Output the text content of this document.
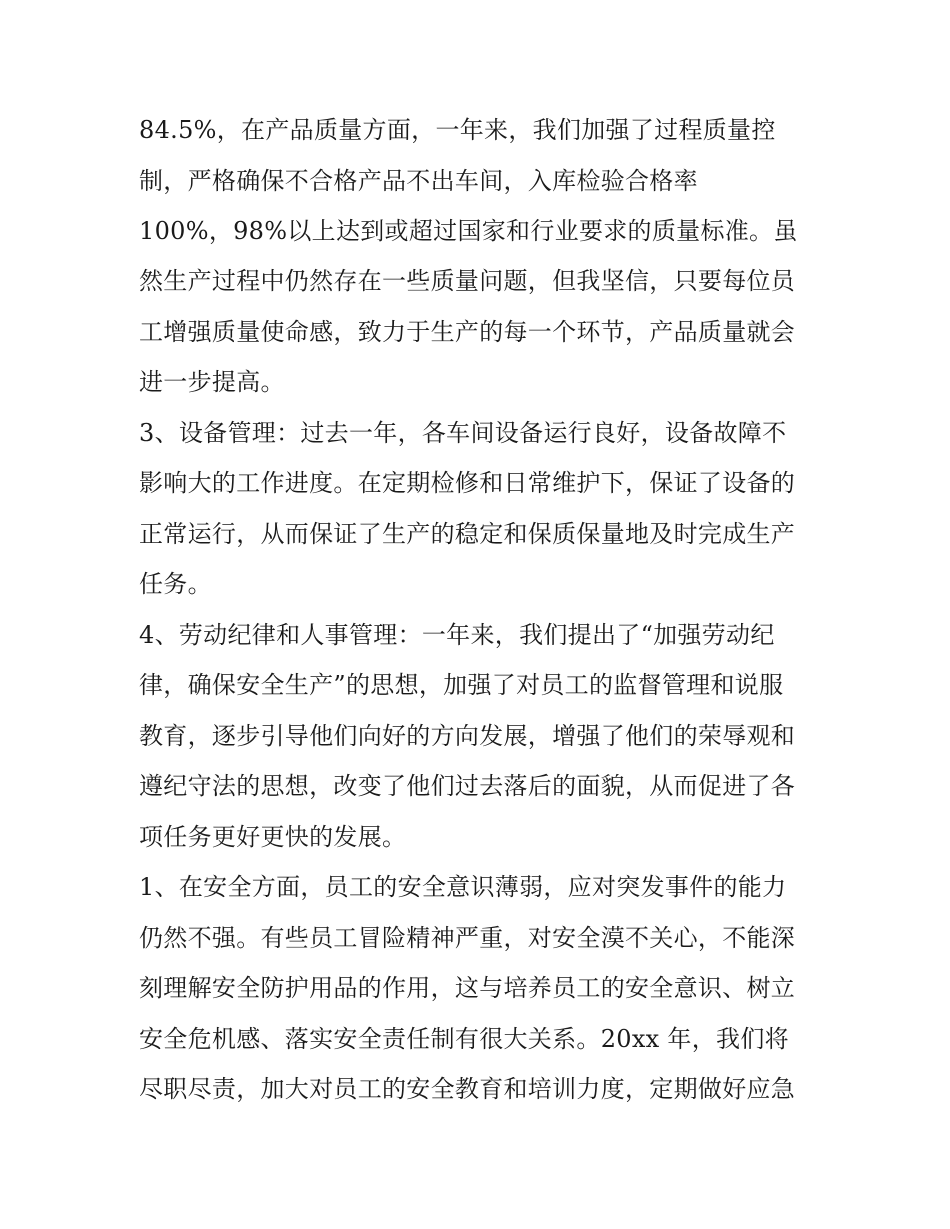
84.5%，在产品质量方面，一年来，我们加强了过程质量控
制，严格确保不合格产品不出车间，入库检验合格率
100%，98%以上达到或超过国家和行业要求的质量标准。虽
然生产过程中仍然存在一些质量问题，但我坚信，只要每位员
工增强质量使命感，致力于生产的每一个环节，产品质量就会
进一步提高。
3、设备管理：过去一年，各车间设备运行良好，设备故障不
影响大的工作进度。在定期检修和日常维护下，保证了设备的
正常运行，从而保证了生产的稳定和保质保量地及时完成生产
任务。
4、劳动纪律和人事管理：一年来，我们提出了“加强劳动纪
律，确保安全生产”的思想，加强了对员工的监督管理和说服
教育，逐步引导他们向好的方向发展，增强了他们的荣辱观和
遵纪守法的思想，改变了他们过去落后的面貌，从而促进了各
项任务更好更快的发展。
1、在安全方面，员工的安全意识薄弱，应对突发事件的能力
仍然不强。有些员工冒险精神严重，对安全漠不关心，不能深
刻理解安全防护用品的作用，这与培养员工的安全意识、树立
安全危机感、落实安全责任制有很大关系。20xx 年，我们将
尽职尽责，加大对员工的安全教育和培训力度，定期做好应急
